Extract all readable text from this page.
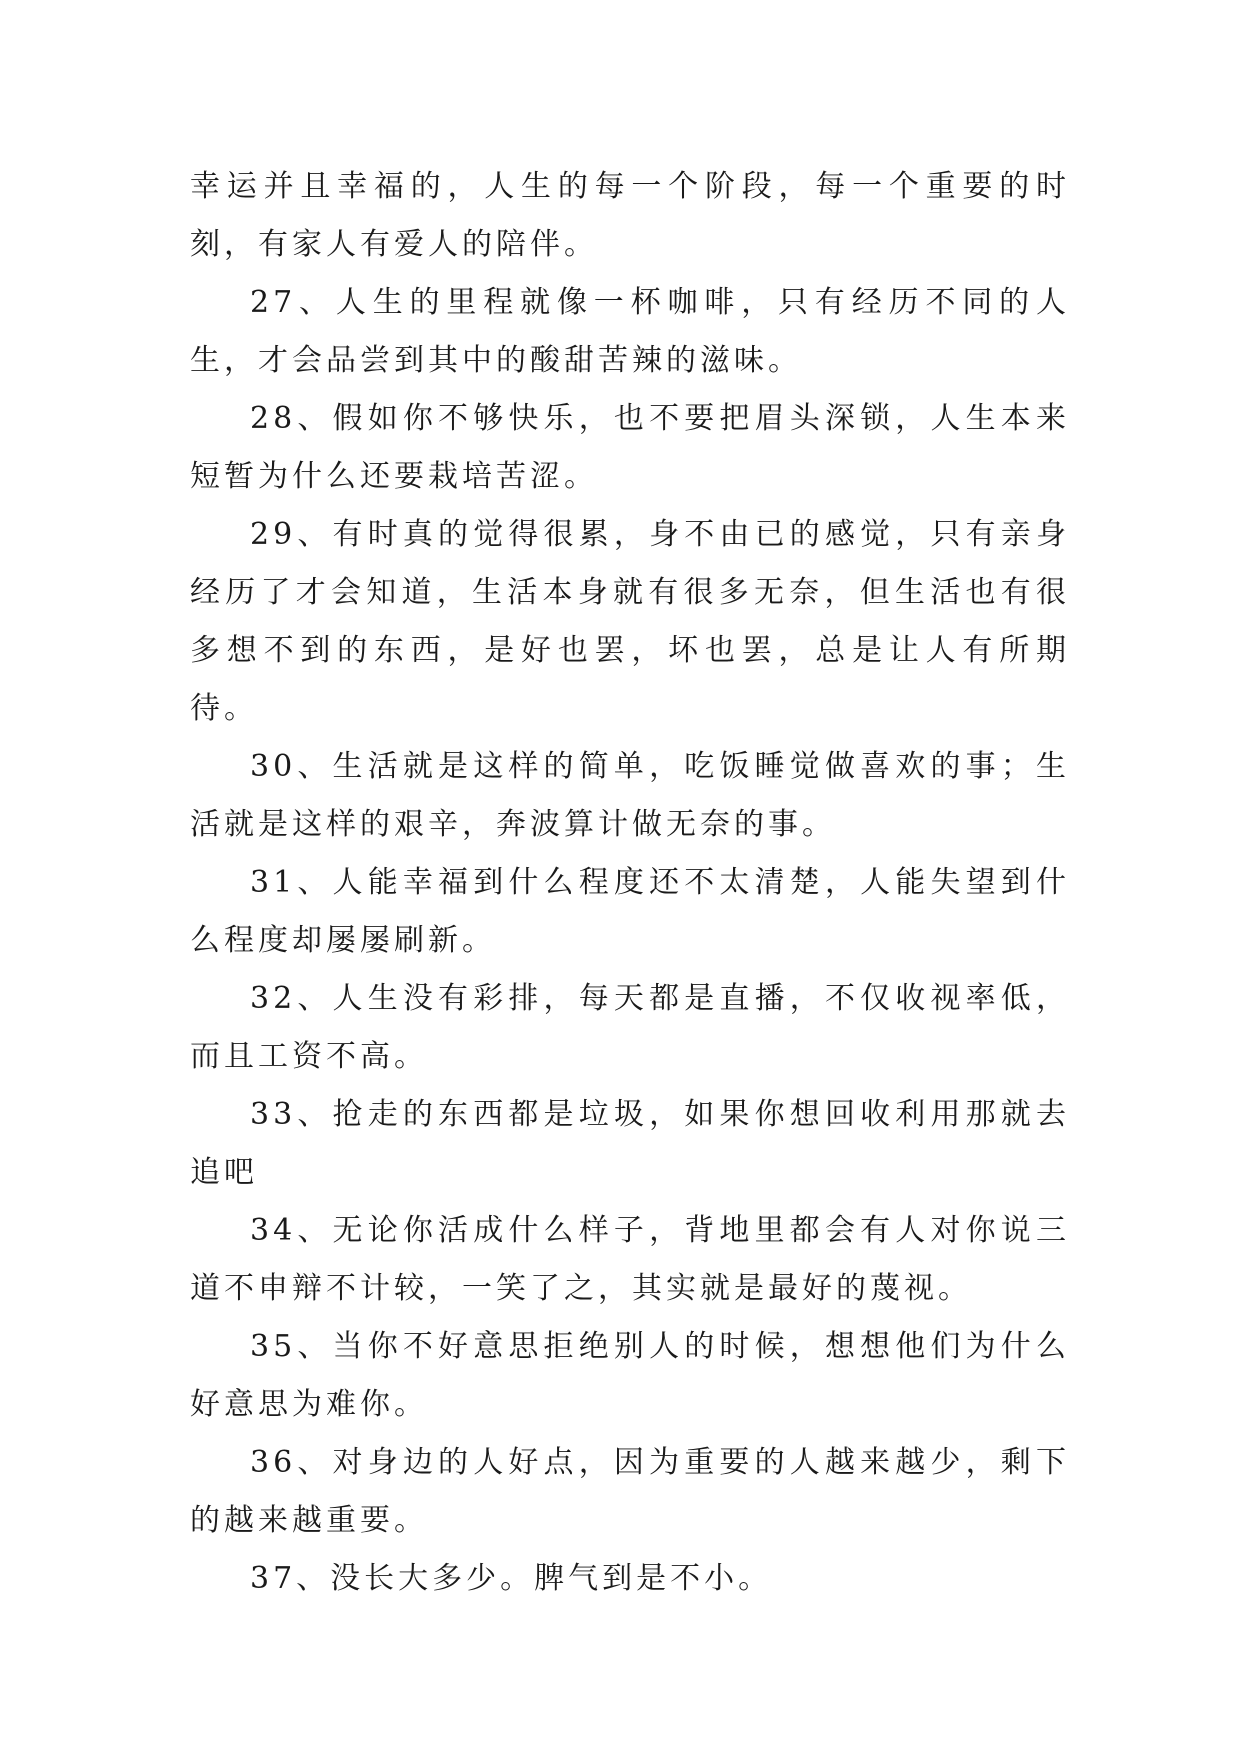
幸运并且幸福的，人生的每一个阶段，每一个重要的时刻，有家人有爱人的陪伴。

27、人生的里程就像一杯咖啡，只有经历不同的人生，才会品尝到其中的酸甜苦辣的滋味。

28、假如你不够快乐，也不要把眉头深锁，人生本来短暂为什么还要栽培苦涩。

29、有时真的觉得很累，身不由已的感觉，只有亲身经历了才会知道，生活本身就有很多无奈，但生活也有很多想不到的东西，是好也罢，坏也罢，总是让人有所期待。

30、生活就是这样的简单，吃饭睡觉做喜欢的事；生活就是这样的艰辛，奔波算计做无奈的事。

31、人能幸福到什么程度还不太清楚，人能失望到什么程度却屡屡刷新。

32、人生没有彩排，每天都是直播，不仅收视率低，而且工资不高。

33、抢走的东西都是垃圾，如果你想回收利用那就去追吧

34、无论你活成什么样子，背地里都会有人对你说三道不申辩不计较，一笑了之，其实就是最好的蔑视。

35、当你不好意思拒绝别人的时候，想想他们为什么好意思为难你。

36、对身边的人好点，因为重要的人越来越少，剩下的越来越重要。

37、没长大多少。脾气到是不小。
